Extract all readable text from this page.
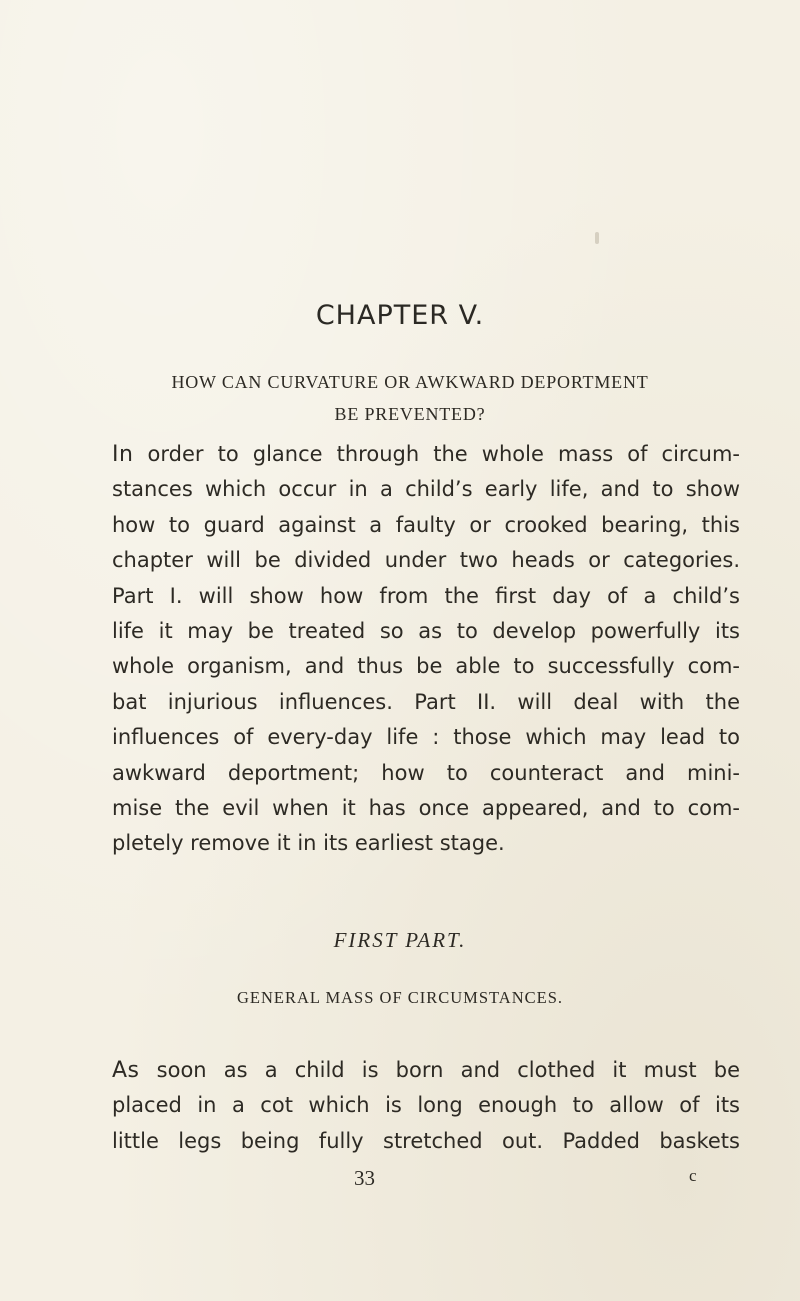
CHAPTER V.
HOW CAN CURVATURE OR AWKWARD DEPORTMENT
BE PREVENTED?
In order to glance through the whole mass of circum-
stances which occur in a child’s early life, and to show
how to guard against a faulty or crooked bearing, this
chapter will be divided under two heads or categories.
Part I. will show how from the first day of a child’s
life it may be treated so as to develop powerfully its
whole organism, and thus be able to successfully com-
bat injurious influences. Part II. will deal with the
influences of every-day life : those which may lead to
awkward deportment; how to counteract and mini-
mise the evil when it has once appeared, and to com-
pletely remove it in its earliest stage.
FIRST PART.
GENERAL MASS OF CIRCUMSTANCES.
As soon as a child is born and clothed it must be
placed in a cot which is long enough to allow of its
little legs being fully stretched out. Padded baskets
33	c
